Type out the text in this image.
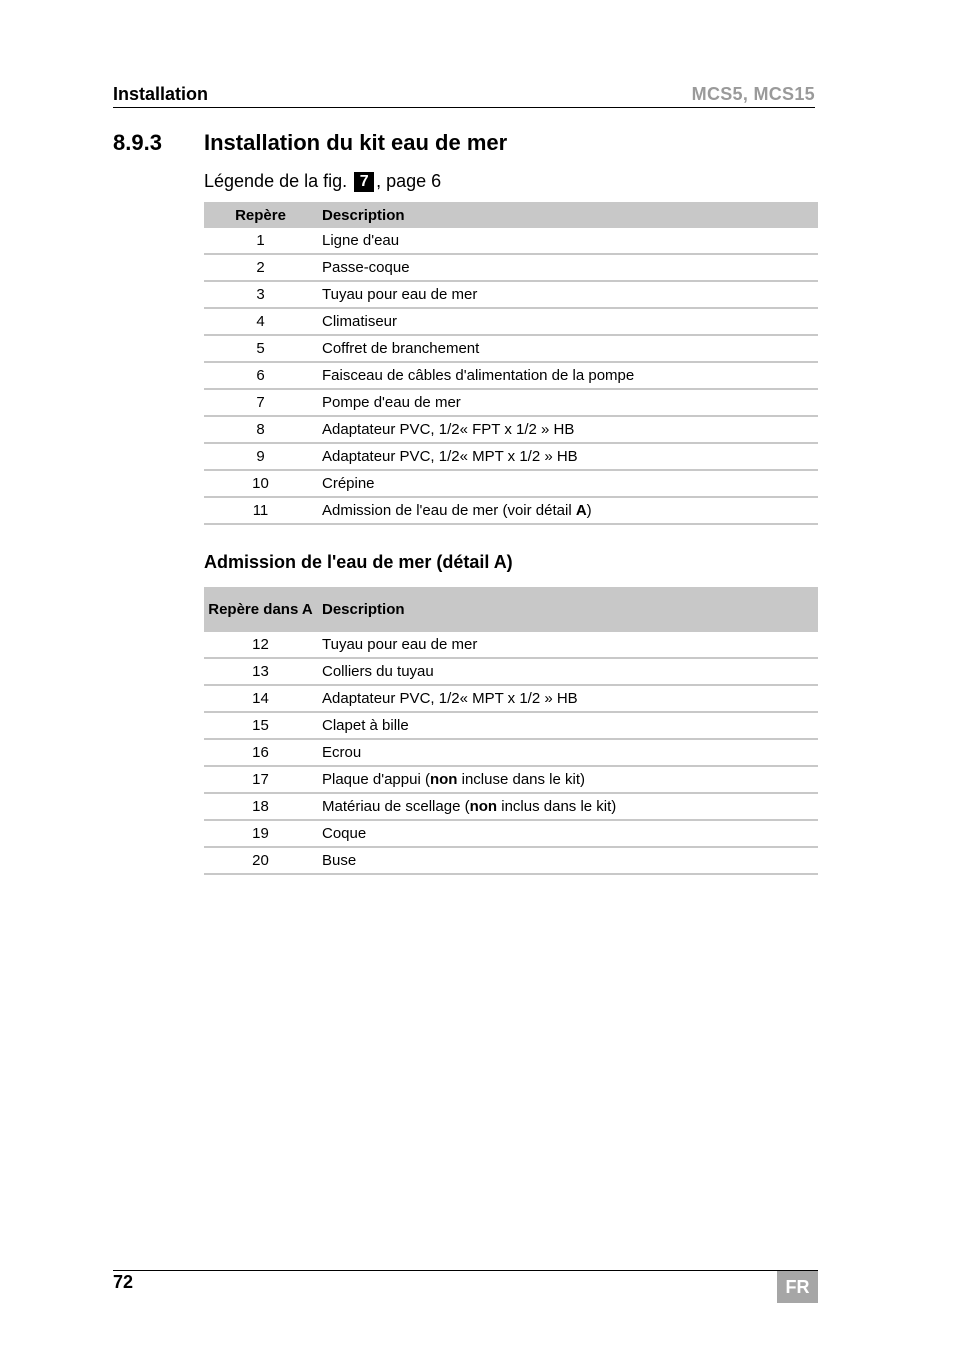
Installation	MCS5, MCS15
8.9.3 Installation du kit eau de mer
Légende de la fig. 7 , page 6
Repère	Description
1	Ligne d'eau
2	Passe-coque
3	Tuyau pour eau de mer
4	Climatiseur
5	Coffret de branchement
6	Faisceau de câbles d'alimentation de la pompe
7	Pompe d'eau de mer
8	Adaptateur PVC, 1/2« FPT x 1/2 » HB
9	Adaptateur PVC, 1/2« MPT x 1/2 » HB
10	Crépine
11	Admission de l'eau de mer (voir détail A)
Admission de l'eau de mer (détail A)
Repère dans A	Description
12	Tuyau pour eau de mer
13	Colliers du tuyau
14	Adaptateur PVC, 1/2« MPT x 1/2 » HB
15	Clapet à bille
16	Ecrou
17	Plaque d'appui (non incluse dans le kit)
18	Matériau de scellage (non inclus dans le kit)
19	Coque
20	Buse
72	FR
